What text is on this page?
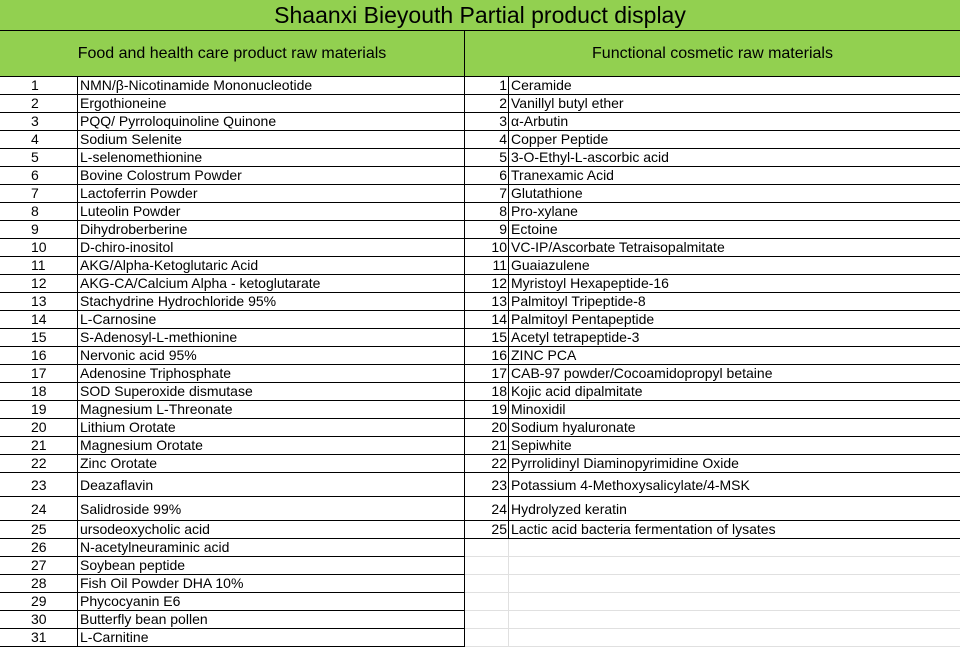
Shaanxi Bieyouth Partial product display
Food and health care product raw materials	Functional cosmetic raw materials
1	NMN/β-Nicotinamide Mononucleotide	1 Ceramide
2	Ergothioneine	2 Vanillyl butyl ether
3	PQQ/ Pyrroloquinoline Quinone	3 α-Arbutin
4	Sodium Selenite	4 Copper Peptide
5	L-selenomethionine	5 3-O-Ethyl-L-ascorbic acid
6	Bovine Colostrum Powder	6 Tranexamic Acid
7	Lactoferrin Powder	7 Glutathione
8	Luteolin Powder	8 Pro-xylane
9	Dihydroberberine	9 Ectoine
10	D-chiro-inositol	10 VC-IP/Ascorbate Tetraisopalmitate
11	AKG/Alpha-Ketoglutaric Acid	11 Guaiazulene
12	AKG-CA/Calcium Alpha - ketoglutarate	12 Myristoyl Hexapeptide-16
13	Stachydrine Hydrochloride 95%	13 Palmitoyl Tripeptide-8
14	L-Carnosine	14 Palmitoyl Pentapeptide
15	S-Adenosyl-L-methionine	15 Acetyl tetrapeptide-3
16	Nervonic acid 95%	16 ZINC PCA
17	Adenosine Triphosphate	17 CAB-97 powder/Cocoamidopropyl betaine
18	SOD Superoxide dismutase	18 Kojic acid dipalmitate
19	Magnesium L-Threonate	19 Minoxidil
20	Lithium Orotate	20 Sodium hyaluronate
21	Magnesium Orotate	21 Sepiwhite
22	Zinc Orotate	22 Pyrrolidinyl Diaminopyrimidine Oxide
23	Deazaflavin	23 Potassium 4-Methoxysalicylate/4-MSK
24	Salidroside 99%	24 Hydrolyzed keratin
25	ursodeoxycholic acid	25 Lactic acid bacteria fermentation of lysates
26	N-acetylneuraminic acid
27	Soybean peptide
28	Fish Oil Powder DHA 10%
29	Phycocyanin E6
30	Butterfly bean pollen
31	L-Carnitine
